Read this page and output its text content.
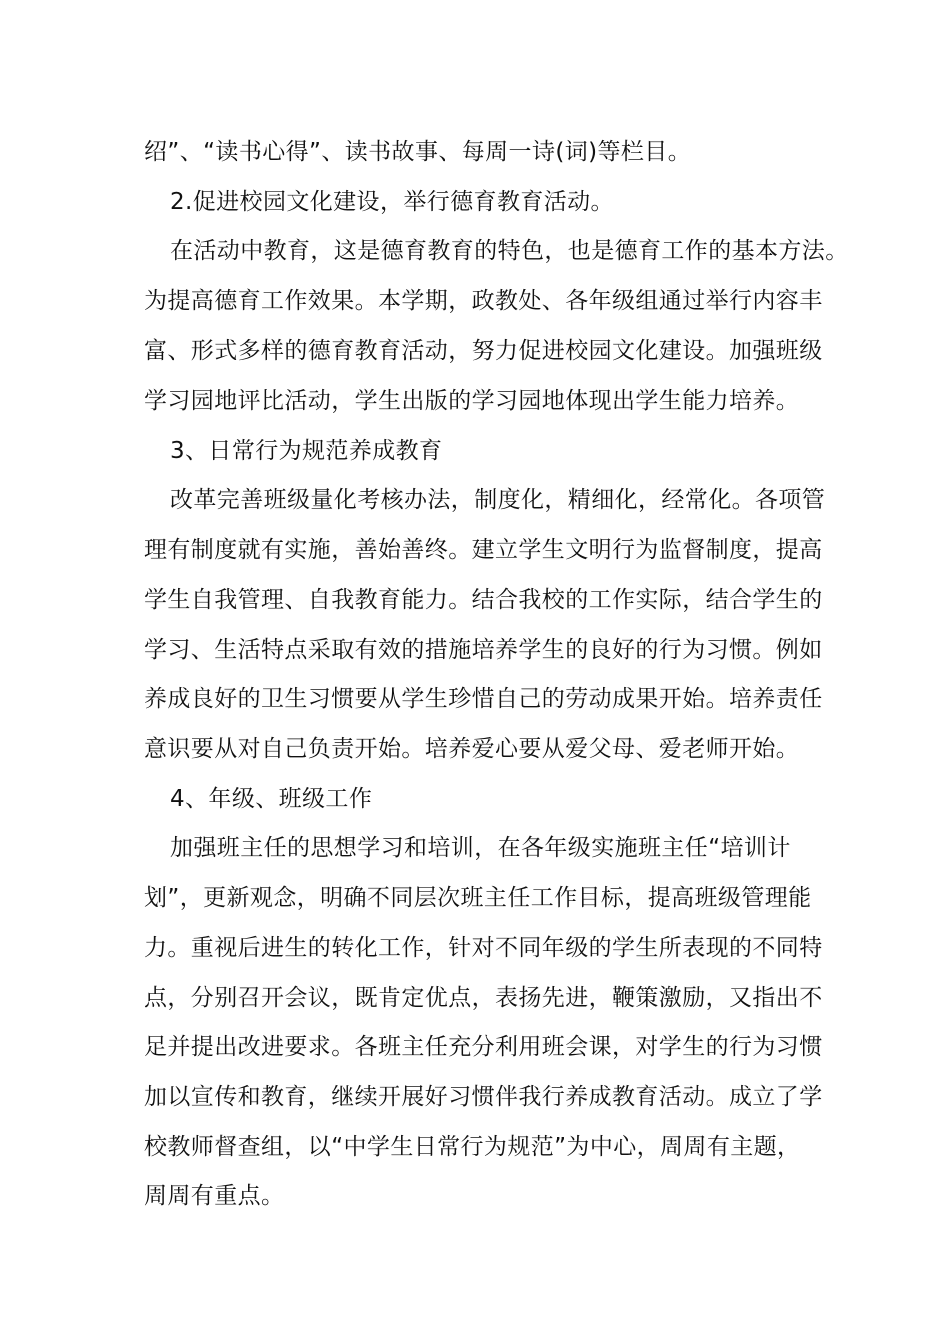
绍”、“读书心得”、读书故事、每周一诗(词)等栏目。
2.促进校园文化建设，举行德育教育活动。
在活动中教育，这是德育教育的特色，也是德育工作的基本方法。
为提高德育工作效果。本学期，政教处、各年级组通过举行内容丰
富、形式多样的德育教育活动，努力促进校园文化建设。加强班级
学习园地评比活动，学生出版的学习园地体现出学生能力培养。
3、日常行为规范养成教育
改革完善班级量化考核办法，制度化，精细化，经常化。各项管
理有制度就有实施，善始善终。建立学生文明行为监督制度，提高
学生自我管理、自我教育能力。结合我校的工作实际，结合学生的
学习、生活特点采取有效的措施培养学生的良好的行为习惯。例如
养成良好的卫生习惯要从学生珍惜自己的劳动成果开始。培养责任
意识要从对自己负责开始。培养爱心要从爱父母、爱老师开始。
4、年级、班级工作
加强班主任的思想学习和培训，在各年级实施班主任“培训计
划”，更新观念，明确不同层次班主任工作目标，提高班级管理能
力。重视后进生的转化工作，针对不同年级的学生所表现的不同特
点，分别召开会议，既肯定优点，表扬先进，鞭策激励，又指出不
足并提出改进要求。各班主任充分利用班会课，对学生的行为习惯
加以宣传和教育，继续开展好习惯伴我行养成教育活动。成立了学
校教师督查组，以“中学生日常行为规范”为中心，周周有主题，
周周有重点。
